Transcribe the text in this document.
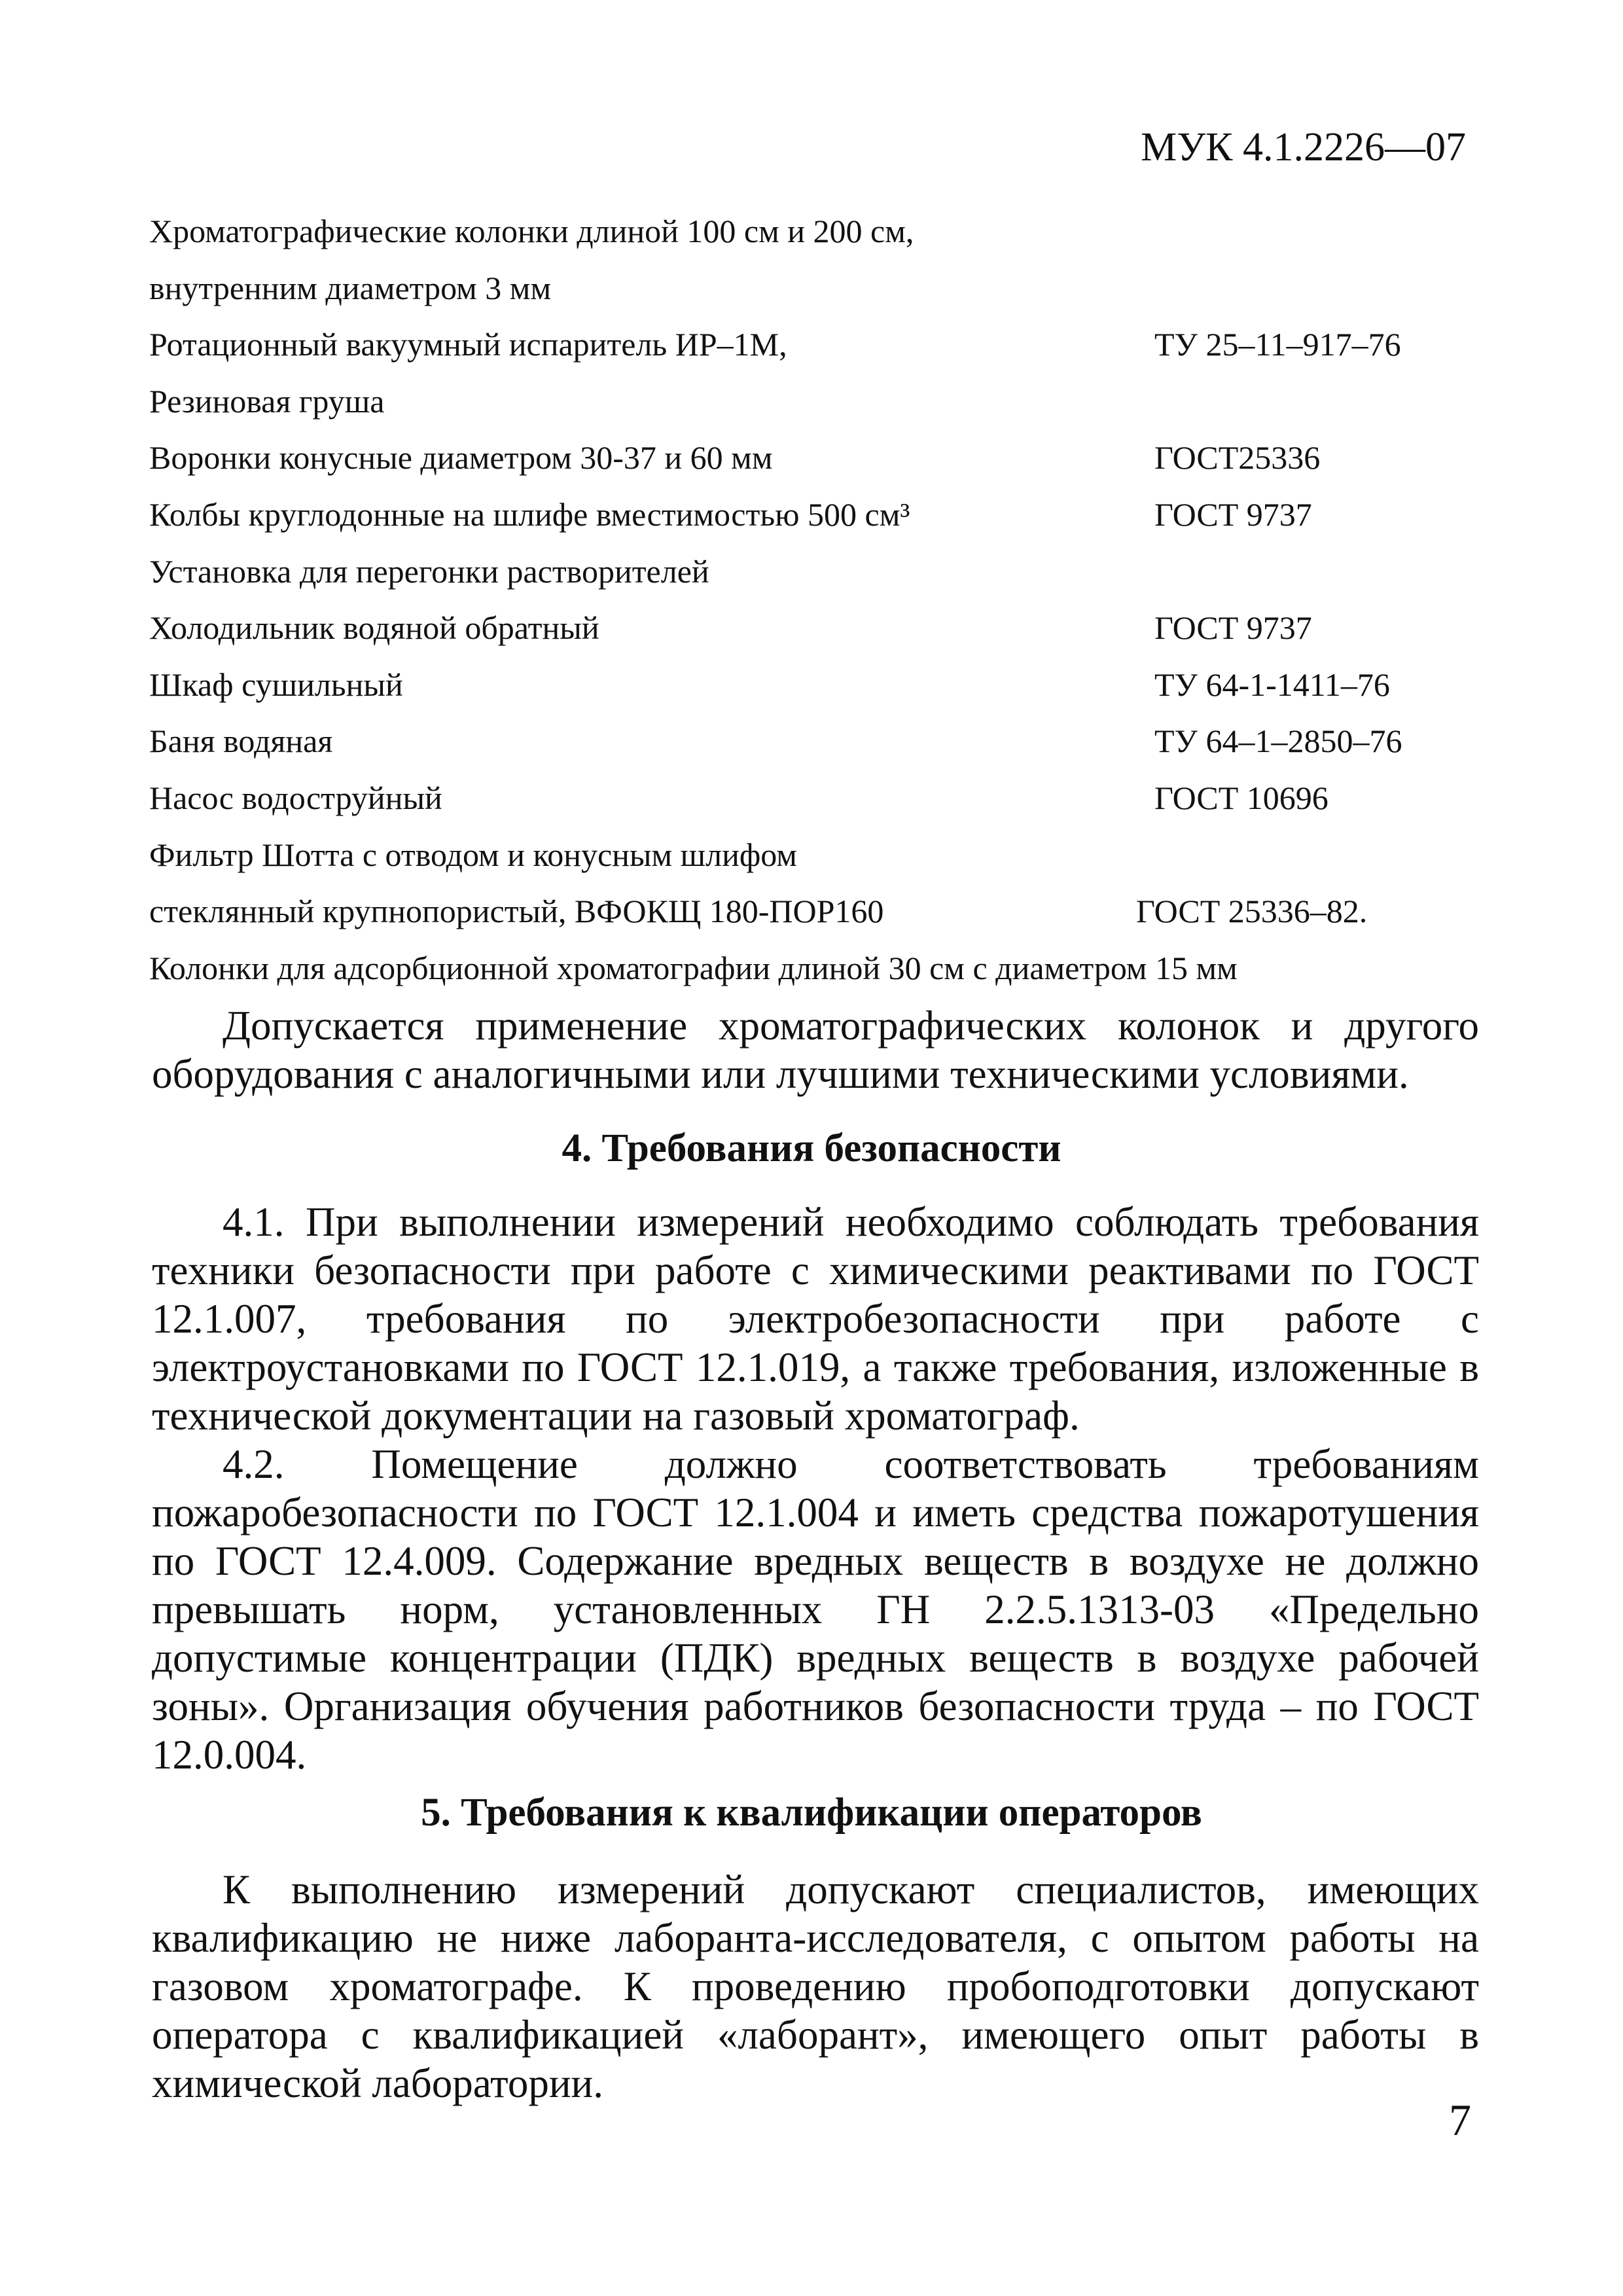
МУК 4.1.2226—07
Хроматографические колонки длиной 100 см и 200 см,
внутренним диаметром 3 мм
Ротационный вакуумный испаритель ИР–1М,	ТУ 25–11–917–76
Резиновая груша
Воронки конусные диаметром 30-37 и 60 мм	ГОСТ25336
Колбы круглодонные на шлифе вместимостью 500 см³	ГОСТ 9737
Установка для перегонки растворителей
Холодильник водяной обратный	ГОСТ 9737
Шкаф сушильный	ТУ 64-1-1411–76
Баня водяная	ТУ 64–1–2850–76
Насос водоструйный	ГОСТ 10696
Фильтр Шотта с отводом и конусным шлифом
стеклянный крупнопористый, ВФОКЩ 180-ПОР160	ГОСТ 25336–82.
Колонки для адсорбционной хроматографии длиной 30 см с диаметром 15 мм

Допускается применение хроматографических колонок и другого оборудования с аналогичными или лучшими техническими условиями.

4. Требования безопасности

4.1. При выполнении измерений необходимо соблюдать требования техники безопасности при работе с химическими реактивами по ГОСТ 12.1.007, требования по электробезопасности при работе с электроустановками по ГОСТ 12.1.019, а также требования, изложенные в технической документации на газовый хроматограф.

4.2. Помещение должно соответствовать требованиям пожаробезопасности по ГОСТ 12.1.004 и иметь средства пожаротушения по ГОСТ 12.4.009. Содержание вредных веществ в воздухе не должно превышать норм, установленных ГН 2.2.5.1313-03 «Предельно допустимые концентрации (ПДК) вредных веществ в воздухе рабочей зоны». Организация обучения работников безопасности труда – по ГОСТ 12.0.004.

5. Требования к квалификации операторов

К выполнению измерений допускают специалистов, имеющих квалификацию не ниже лаборанта-исследователя, с опытом работы на газовом хроматографе. К проведению пробоподготовки допускают оператора с квалификацией «лаборант», имеющего опыт работы в химической лаборатории.

7
